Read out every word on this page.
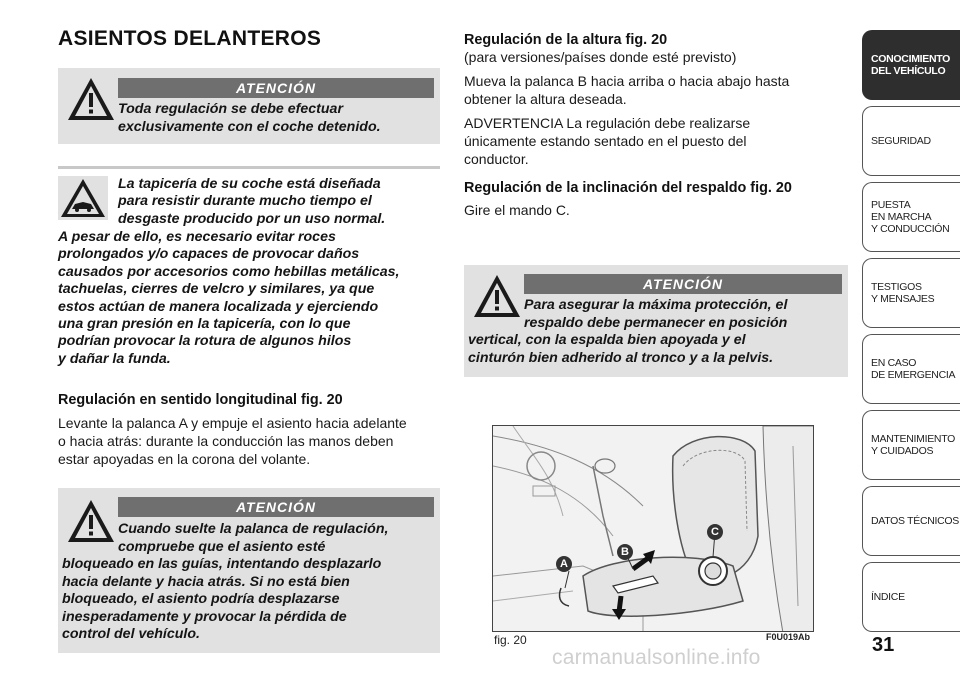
ASIENTOS DELANTEROS
ATENCIÓN
Toda regulación se debe efectuar exclusivamente con el coche detenido.
La tapicería de su coche está diseñada
para resistir durante mucho tiempo el
desgaste producido por un uso normal.
A pesar de ello, es necesario evitar roces
prolongados y/o capaces de provocar daños
causados por accesorios como hebillas metálicas,
tachuelas, cierres de velcro y similares, ya que
estos actúan de manera localizada y ejerciendo
una gran presión en la tapicería, con lo que
podrían provocar la rotura de algunos hilos
y dañar la funda.
Regulación en sentido longitudinal fig. 20
Levante la palanca A y empuje el asiento hacia adelante
o hacia atrás: durante la conducción las manos deben
estar apoyadas en la corona del volante.
ATENCIÓN
Cuando suelte la palanca de regulación,
compruebe que el asiento esté
bloqueado en las guías, intentando desplazarlo
hacia delante y hacia atrás. Si no está bien
bloqueado, el asiento podría desplazarse
inesperadamente y provocar la pérdida de
control del vehículo.
Regulación de la altura fig. 20
(para versiones/países donde esté previsto)
Mueva la palanca B hacia arriba o hacia abajo hasta
obtener la altura deseada.
ADVERTENCIA La regulación debe realizarse
únicamente estando sentado en el puesto del
conductor.
Regulación de la inclinación del respaldo fig. 20
Gire el mando C.
ATENCIÓN
Para asegurar la máxima protección, el
respaldo debe permanecer en posición
vertical, con la espalda bien apoyada y el
cinturón bien adherido al tronco y a la pelvis.
A
B
C
fig. 20	F0U019Ab
CONOCIMIENTO
DEL VEHÍCULO
SEGURIDAD
PUESTA
EN MARCHA
Y CONDUCCIÓN
TESTIGOS
Y MENSAJES
EN CASO
DE EMERGENCIA
MANTENIMIENTO
Y CUIDADOS
DATOS TÉCNICOS
ÍNDICE
31
carmanualsonline.info
